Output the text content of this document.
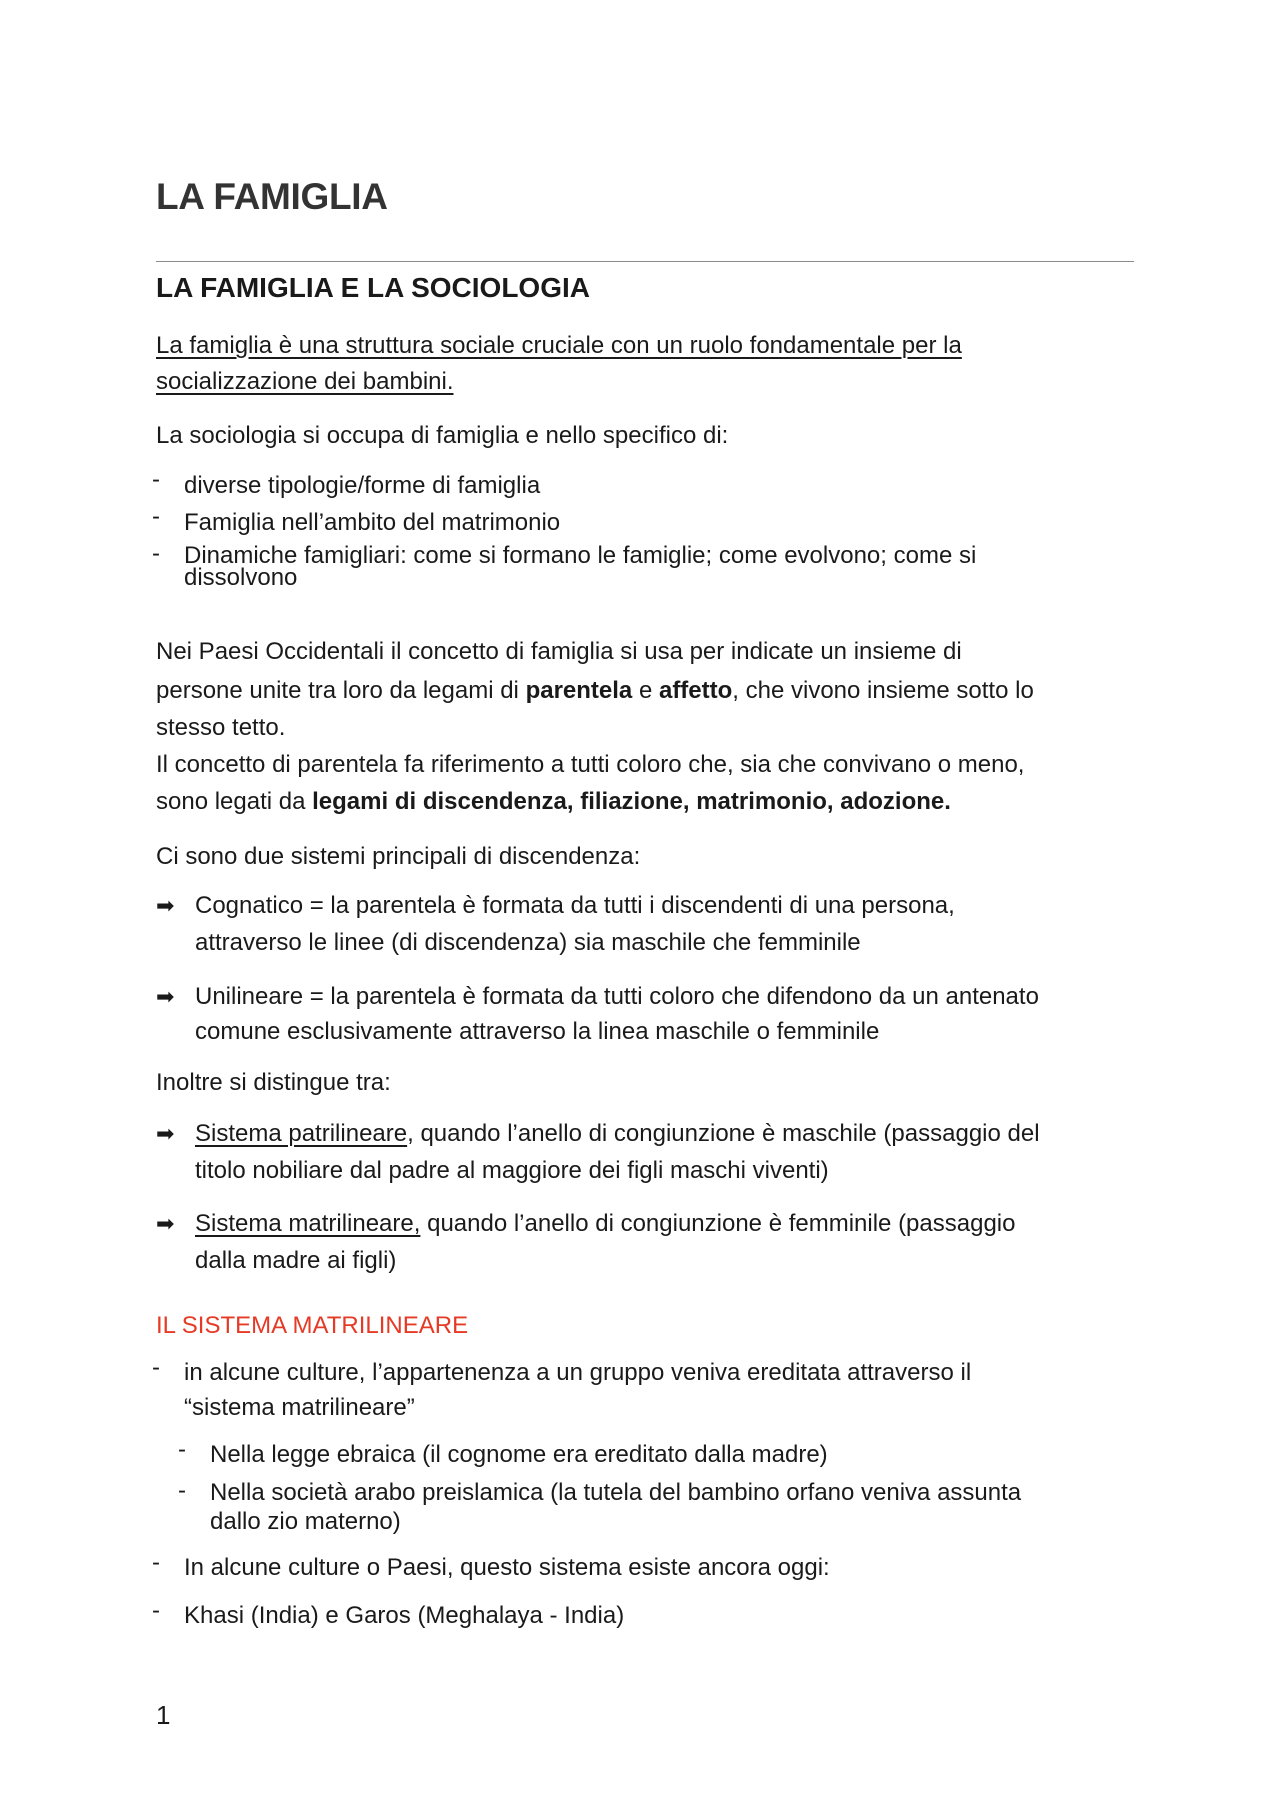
LA FAMIGLIA
LA FAMIGLIA E LA SOCIOLOGIA

La famiglia è una struttura sociale cruciale con un ruolo fondamentale per la

socializzazione dei bambini.

La sociologia si occupa di famiglia e nello specifico di:

- diverse tipologie/forme di famiglia

- Famiglia nell’ambito del matrimonio

- Dinamiche famigliari: come si formano le famiglie; come evolvono; come si

dissolvono

Nei Paesi Occidentali il concetto di famiglia si usa per indicate un insieme di

persone unite tra loro da legami di parentela e affetto, che vivono insieme sotto lo

stesso tetto.

Il concetto di parentela fa riferimento a tutti coloro che, sia che convivano o meno,

sono legati da legami di discendenza, filiazione, matrimonio, adozione.

Ci sono due sistemi principali di discendenza:

➡ Cognatico = la parentela è formata da tutti i discendenti di una persona,

attraverso le linee (di discendenza) sia maschile che femminile

➡ Unilineare = la parentela è formata da tutti coloro che difendono da un antenato

comune esclusivamente attraverso la linea maschile o femminile

Inoltre si distingue tra:

➡ Sistema patrilineare, quando l’anello di congiunzione è maschile (passaggio del

titolo nobiliare dal padre al maggiore dei figli maschi viventi)

➡ Sistema matrilineare, quando l’anello di congiunzione è femminile (passaggio

dalla madre ai figli)

IL SISTEMA MATRILINEARE

- in alcune culture, l’appartenenza a un gruppo veniva ereditata attraverso il

“sistema matrilineare”

- Nella legge ebraica (il cognome era ereditato dalla madre)

- Nella società arabo preislamica (la tutela del bambino orfano veniva assunta

dallo zio materno)

- In alcune culture o Paesi, questo sistema esiste ancora oggi:

- Khasi (India) e Garos (Meghalaya - India)

1
